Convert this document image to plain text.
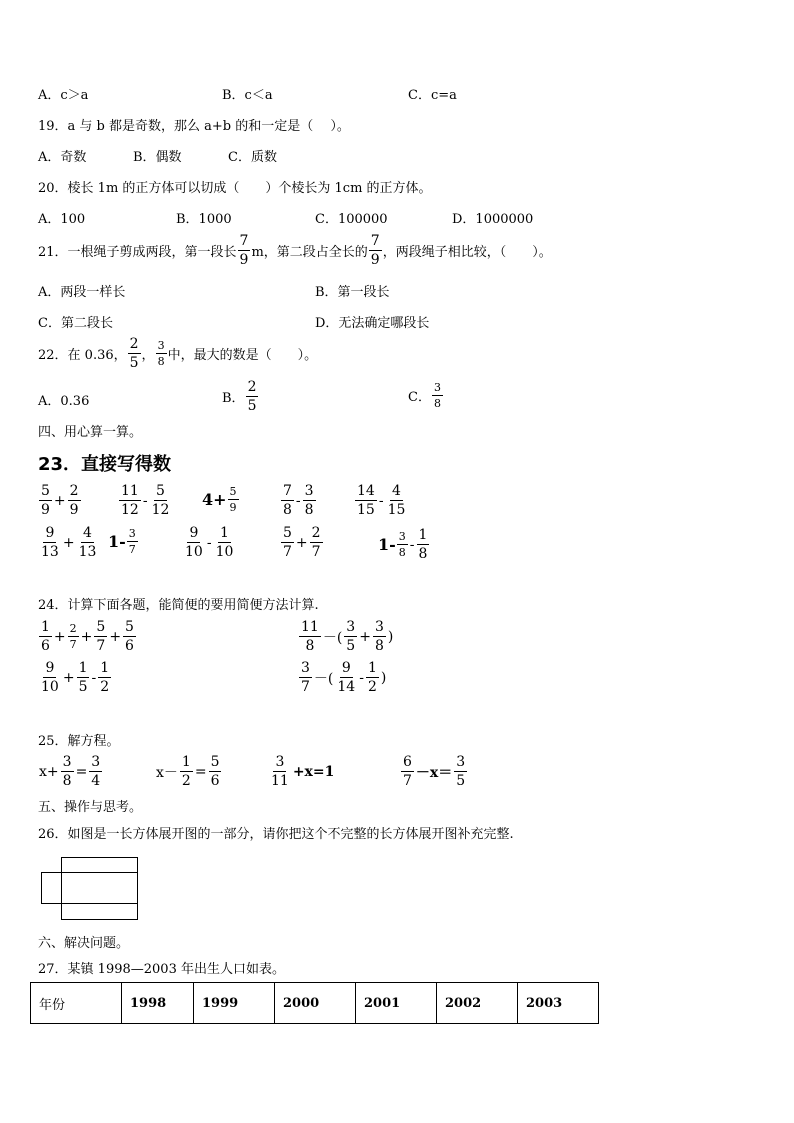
A．c＞a	B．c＜a	C．c=a
19．a 与 b 都是奇数，那么 a+b 的和一定是（　 ）。
A．奇数	B．偶数	C．质数
20．棱长 1m 的正方体可以切成（　　）个棱长为 1cm 的正方体。
A．100	B．1000	C．100000	D．1000000
21．一根绳子剪成两段，第一段长 $\frac{7}{9}$ m，第二段占全长的 $\frac{7}{9}$ ，两段绳子相比较，（　　）。
A．两段一样长	B．第一段长
C．第二段长	D．无法确定哪段长
22．在 0.36， $\frac{2}{5}$ ， $\frac{3}{8}$ 中，最大的数是（　　）。
A．0.36	B． $\frac{2}{5}$	C． $\frac{3}{8}$
四、用心算一算。
23．直接写得数
$\frac{5}{9} + \frac{2}{9}$	$\frac{11}{12} - \frac{5}{12} 4+ \frac{5}{9}$	$\frac{7}{8} - \frac{3}{8}$	$\frac{14}{15} - \frac{4}{15}$
$\frac{9}{13} + \frac{4}{13} 1- \frac{3}{7}$	$\frac{9}{10} - \frac{1}{10}$	$\frac{5}{7} + \frac{2}{7}$	$1- \frac{3}{8} - \frac{1}{8}$
24．计算下面各题，能简便的要用简便方法计算.
$\frac{1}{6} + \frac{2}{7} + \frac{5}{7} + \frac{5}{6}$	$\frac{11}{8}$ －( $\frac{3}{5} + \frac{3}{8}$ )
$\frac{9}{10} + \frac{1}{5} - \frac{1}{2}$	$\frac{3}{7}$ －( $\frac{9}{14} - \frac{1}{2}$ )
25．解方程。
$x+ \frac{3}{8} = \frac{3}{4}$	$x- \frac{1}{2} = \frac{5}{6}$	$\frac{3}{11} +x=1$	$\frac{6}{7} -x= \frac{3}{5}$
五、操作与思考。
26．如图是一长方体展开图的一部分，请你把这个不完整的长方体展开图补充完整.
六、解决问题。
27．某镇 1998—2003 年出生人口如表。
年份	1998	1999	2000	2001	2002	2003
